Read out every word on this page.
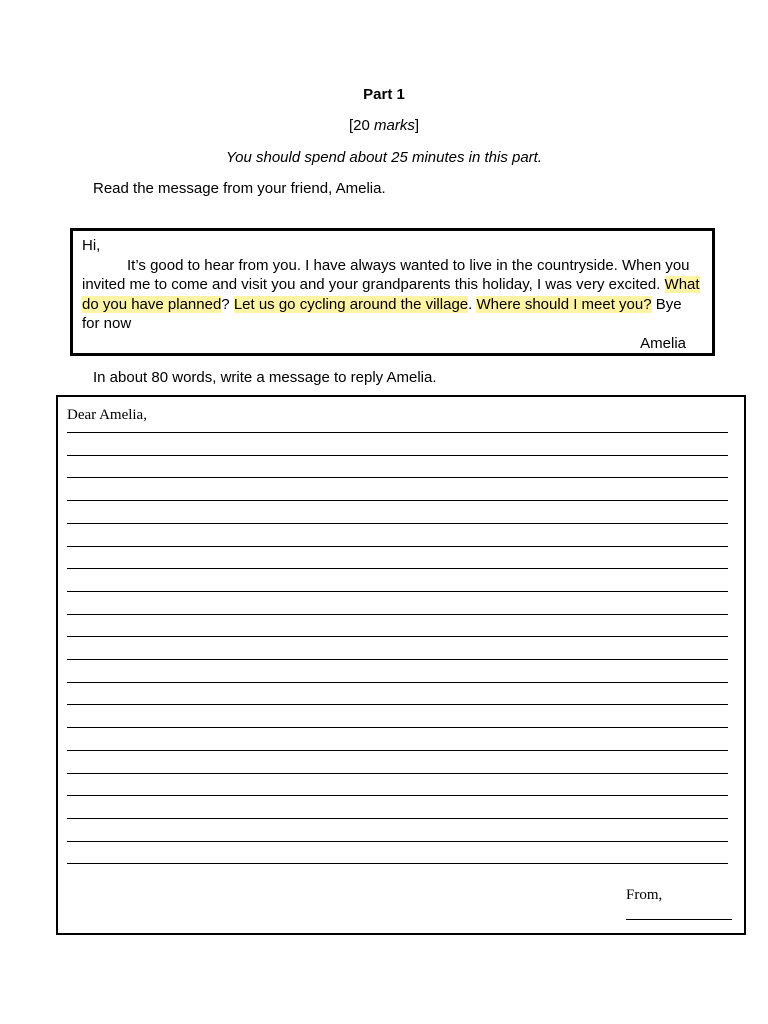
Part 1
[20 marks]
You should spend about 25 minutes in this part.
Read the message from your friend, Amelia.
Hi,
It’s good to hear from you. I have always wanted to live in the countryside. When you invited me to come and visit you and your grandparents this holiday, I was very excited. What do you have planned? Let us go cycling around the village. Where should I meet you? Bye for now
Amelia
In about 80 words, write a message to reply Amelia.
Dear Amelia,
From,
